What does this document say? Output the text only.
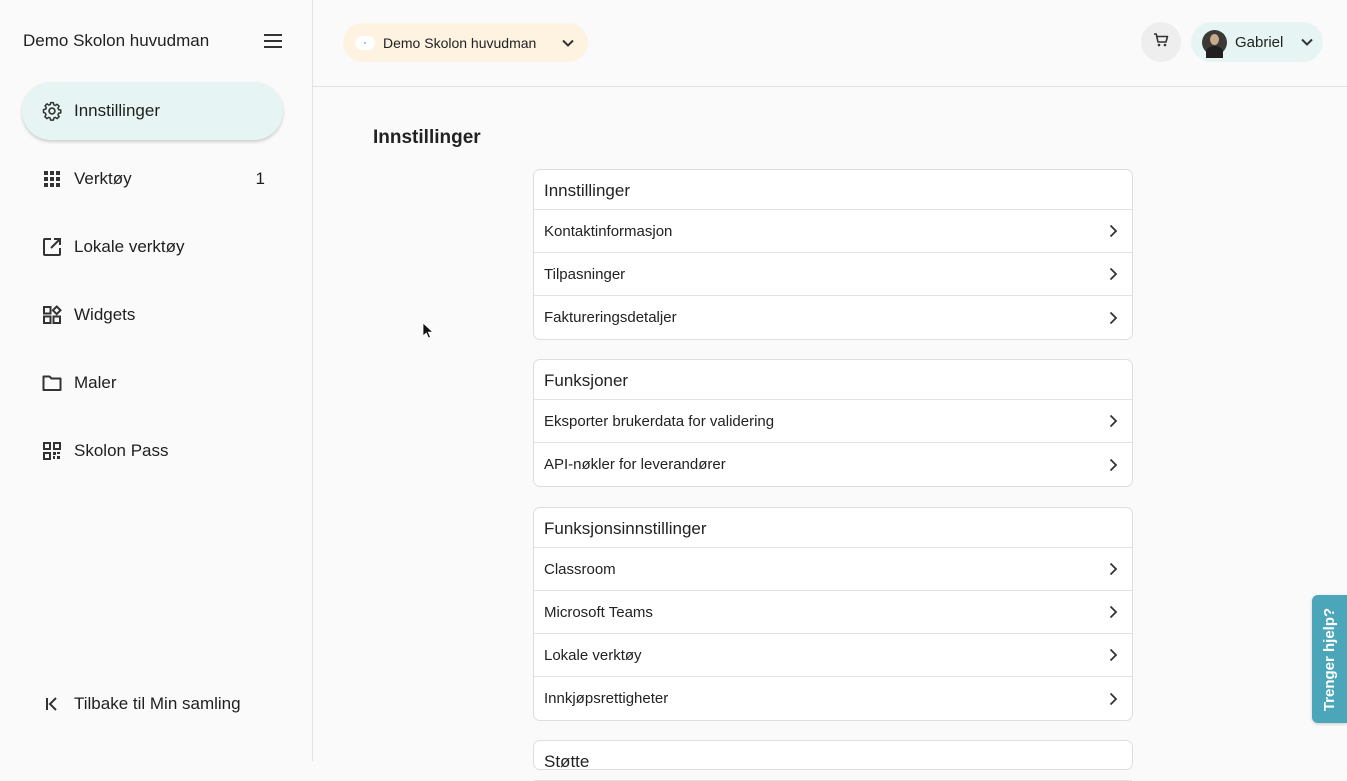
Demo Skolon huvudman
Innstillinger
Verktøy	1
Lokale verktøy
Widgets
Maler
Skolon Pass
Tilbake til Min samling
●	Demo Skolon huvudman	Gabriel
Innstillinger
Innstillinger
Kontaktinformasjon
Tilpasninger
Faktureringsdetaljer
Funksjoner
Eksporter brukerdata for validering
API-nøkler for leverandører
Funksjonsinnstillinger
Classroom
Microsoft Teams
Lokale verktøy
Innkjøpsrettigheter
Støtte
Trenger hjelp?
